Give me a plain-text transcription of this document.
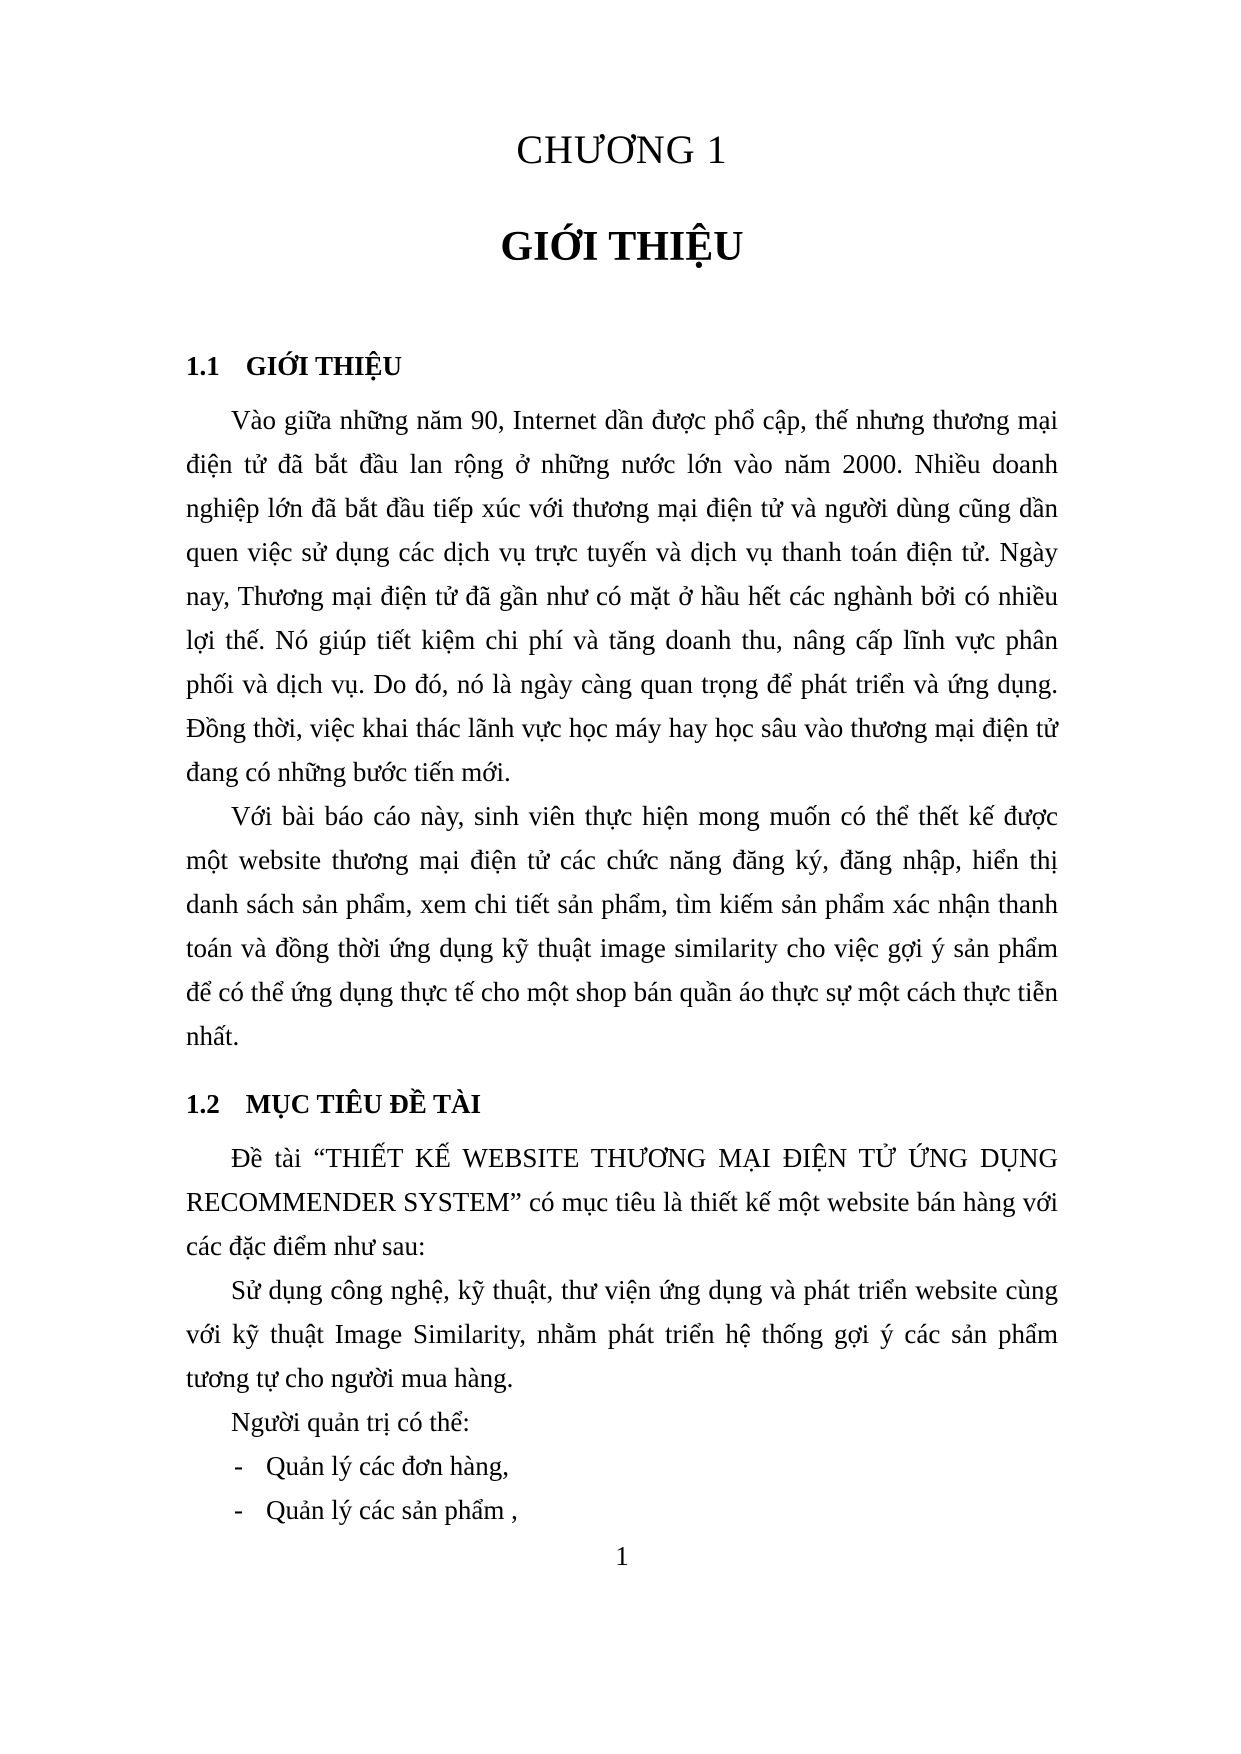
CHƯƠNG 1
GIỚI THIỆU
1.1 GIỚI THIỆU

Vào giữa những năm 90, Internet dần được phổ cập, thế nhưng thương mại điện tử đã bắt đầu lan rộng ở những nước lớn vào năm 2000. Nhiều doanh nghiệp lớn đã bắt đầu tiếp xúc với thương mại điện tử và người dùng cũng dần quen việc sử dụng các dịch vụ trực tuyến và dịch vụ thanh toán điện tử. Ngày nay, Thương mại điện tử đã gần như có mặt ở hầu hết các nghành bởi có nhiều lợi thế. Nó giúp tiết kiệm chi phí và tăng doanh thu, nâng cấp lĩnh vực phân phối và dịch vụ. Do đó, nó là ngày càng quan trọng để phát triển và ứng dụng. Đồng thời, việc khai thác lãnh vực học máy hay học sâu vào thương mại điện tử đang có những bước tiến mới.

Với bài báo cáo này, sinh viên thực hiện mong muốn có thể thết kế được một website thương mại điện tử các chức năng đăng ký, đăng nhập, hiển thị danh sách sản phẩm, xem chi tiết sản phẩm, tìm kiếm sản phẩm xác nhận thanh toán và đồng thời ứng dụng kỹ thuật image similarity cho việc gợi ý sản phẩm để có thể ứng dụng thực tế cho một shop bán quần áo thực sự một cách thực tiễn nhất.

1.2 MỤC TIÊU ĐỀ TÀI

Đề tài “THIẾT KẾ WEBSITE THƯƠNG MẠI ĐIỆN TỬ ỨNG DỤNG RECOMMENDER SYSTEM” có mục tiêu là thiết kế một website bán hàng với các đặc điểm như sau:

Sử dụng công nghệ, kỹ thuật, thư viện ứng dụng và phát triển website cùng với kỹ thuật Image Similarity, nhằm phát triển hệ thống gợi ý các sản phẩm tương tự cho người mua hàng.

Người quản trị có thể:

- Quản lý các đơn hàng,
- Quản lý các sản phẩm ,
1
